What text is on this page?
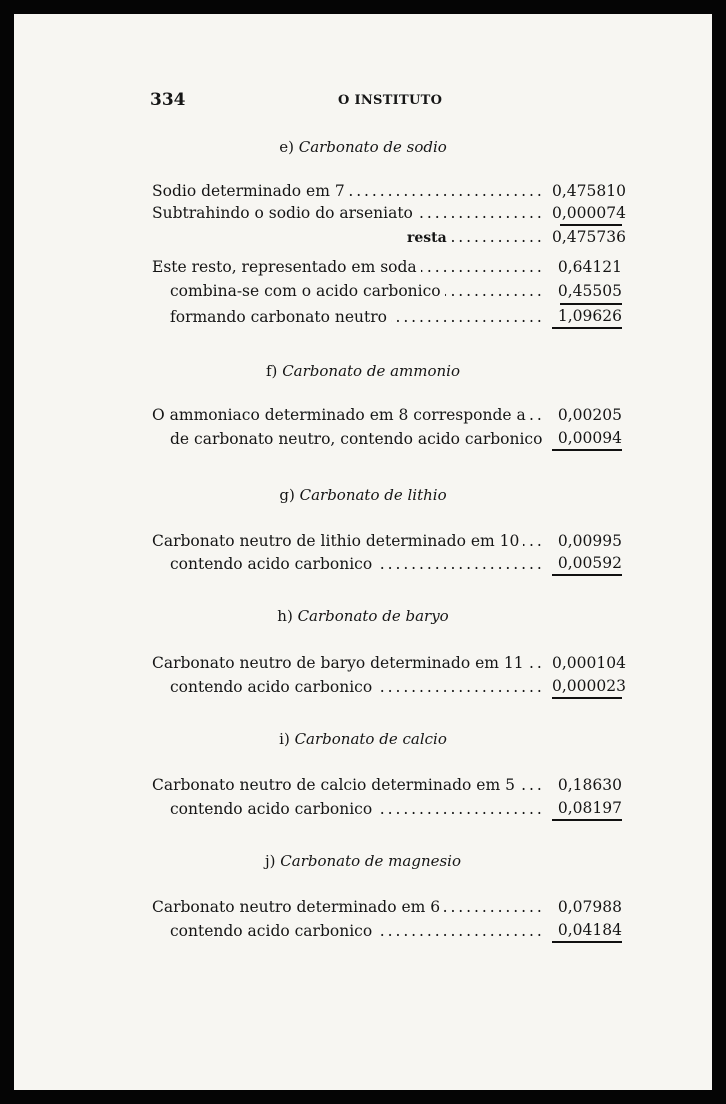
334	O INSTITUTO
e) Carbonato de sodio
Sodio determinado em 7 . . .	0,475810
Subtrahindo o sodio do arseniato . . .	0,000074
resta . . .	0,475736
Este resto, representado em soda . . .	0,64121
combina-se com o acido carbonico . . .	0,45505
formando carbonato neutro . . .	1,09626
f) Carbonato de ammonio
O ammoniaco determinado em 8 corresponde a . . .	0,00205
de carbonato neutro, contendo acido carbonico . . . 0,00094
g) Carbonato de lithio
Carbonato neutro de lithio determinado em 10 . . .	0,00995
contendo acido carbonico . . .	0,00592
h) Carbonato de baryo
Carbonato neutro de baryo determinado em 11 . . .	0,000104
contendo acido carbonico . . .	0,000023
i) Carbonato de calcio
Carbonato neutro de calcio determinado em 5 . . .	0,18630
contendo acido carbonico . . .	0,08197
j) Carbonato de magnesio
Carbonato neutro determinado em 6 . . .	0,07988
contendo acido carbonico . . .	0,04184
